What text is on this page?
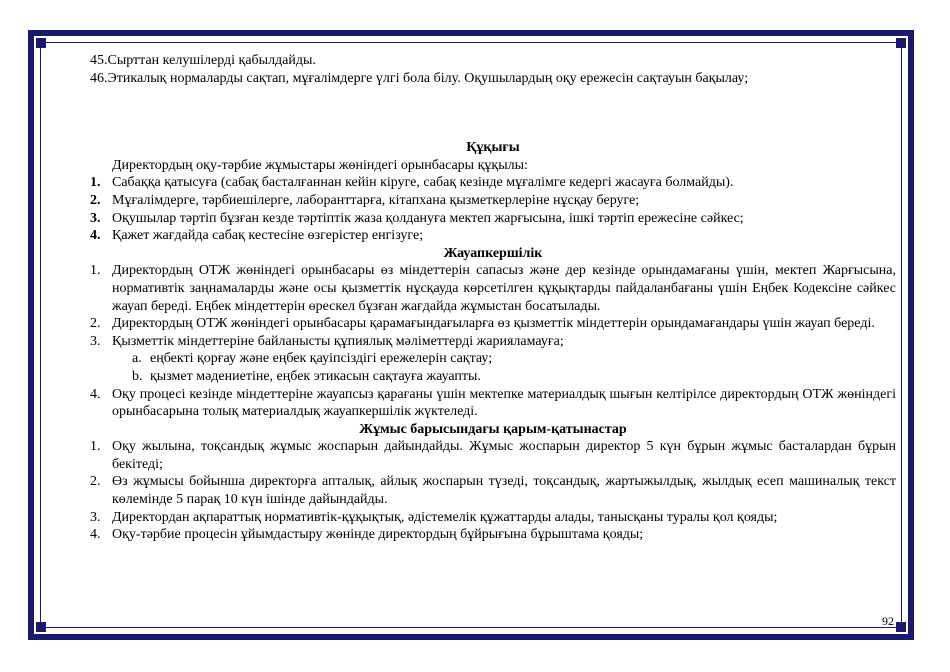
45.Сырттан келушілерді қабылдайды.
46.Этикалық нормаларды сақтап, мұғалімдерге үлгі бола білу. Оқушылардың оқу ережесін сақтауын бақылау;
Құқығы
Директордың оқу-тәрбие жұмыстары жөніндегі орынбасары құқылы:
1. Сабаққа қатысуға (сабақ басталғаннан кейін кіруге, сабақ кезінде мұғалімге кедергі жасауға болмайды).
2. Мұғалімдерге, тәрбиешілерге, лаборанттарға, кітапхана қызметкерлеріне нұсқау беруге;
3. Оқушылар тәртіп бұзған кезде тәртіптік жаза қолдануға мектеп жарғысына, ішкі тәртіп ережесіне сәйкес;
4. Қажет жағдайда сабақ кестесіне өзгерістер енгізуге;
Жауапкершілік
1. Директордың ОТЖ жөніндегі орынбасары өз міндеттерін сапасыз және дер кезінде орындамағаны үшін, мектеп Жарғысына, нормативтік заңнамаларды және осы қызметтік нұсқауда көрсетілген құқықтарды пайдаланбағаны үшін Еңбек Кодексіне сәйкес жауап береді. Еңбек міндеттерін өрескел бұзған жағдайда жұмыстан босатылады.
2. Директордың ОТЖ жөніндегі орынбасары қарамағындағыларға өз қызметтік міндеттерін орындамағандары үшін жауап береді.
3. Қызметтік міндеттеріне байланысты құпиялық мәліметтерді жарияламауға;
a. еңбекті қорғау және еңбек қауіпсіздігі ережелерін сақтау;
b. қызмет мәдениетіне, еңбек этикасын сақтауға жауапты.
4. Оқу процесі кезінде міндеттеріне жауапсыз қарағаны үшін мектепке материалдық шығын келтірілсе директордың ОТЖ жөніндегі орынбасарына толық материалдық жауапкершілік жүктеледі.
Жұмыс барысындағы қарым-қатынастар
1. Оқу жылына, тоқсандық жұмыс жоспарын дайындайды. Жұмыс жоспарын директор 5 күн бұрын жұмыс басталардан бұрын бекітеді;
2. Өз жұмысы бойынша директорға апталық, айлық жоспарын түзеді, тоқсандық, жартыжылдық, жылдық есеп машиналық текст көлемінде 5 парақ 10 күн ішінде дайындайды.
3. Директордан ақпараттық нормативтік-құқықтық, әдістемелік құжаттарды алады, танысқаны туралы қол қояды;
4. Оқу-тәрбие процесін ұйымдастыру жөнінде директордың бұйрығына бұрыштама қояды;
92
